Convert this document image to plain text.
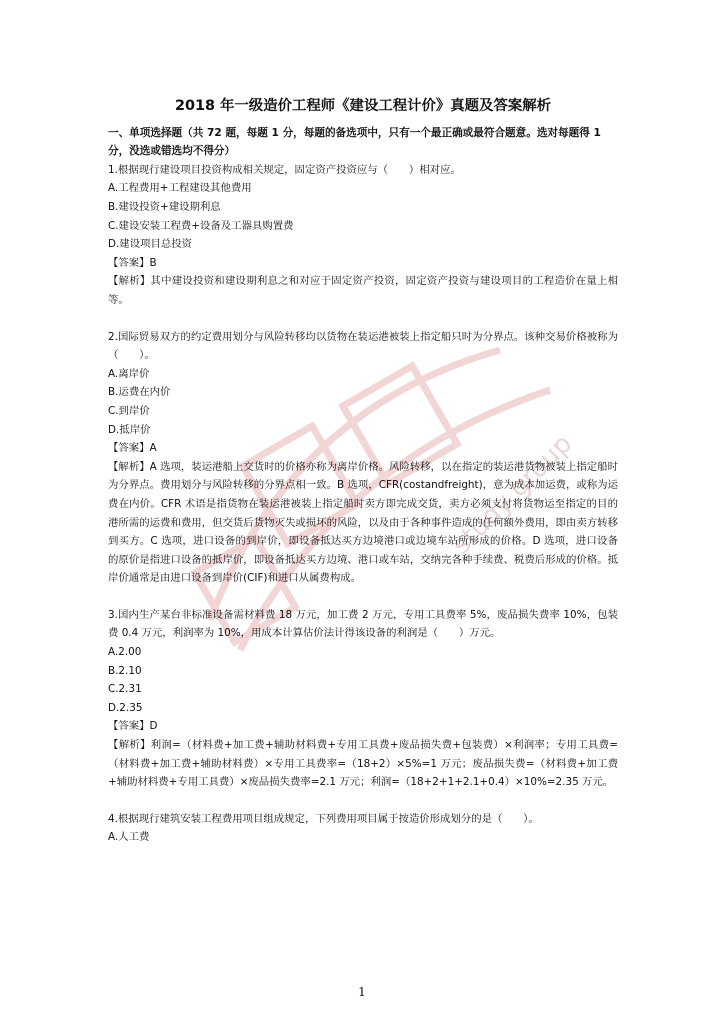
study group
2018 年一级造价工程师《建设工程计价》真题及答案解析
一、单项选择题（共 72 题，每题 1 分，每题的备选项中，只有一个最正确或最符合题意。选对每题得 1 分，没选或错选均不得分）
1.根据现行建设项目投资构成相关规定，固定资产投资应与（　　）相对应。
A.工程费用+工程建设其他费用
B.建设投资+建设期利息
C.建设安装工程费+设备及工器具购置费
D.建设项目总投资
【答案】B
【解析】其中建设投资和建设期利息之和对应于固定资产投资，固定资产投资与建设项目的工程造价在量上相等。
2.国际贸易双方的约定费用划分与风险转移均以货物在装运港被装上指定船只时为分界点。该种交易价格被称为（　　）。
A.离岸价
B.运费在内价
C.到岸价
D.抵岸价
【答案】A
【解析】A 选项，装运港船上交货时的价格亦称为离岸价格。风险转移，以在指定的装运港货物被装上指定船时为分界点。费用划分与风险转移的分界点相一致。B 选项，CFR(costandfreight)，意为成本加运费，或称为运费在内价。CFR 术语是指货物在装运港被装上指定船时卖方即完成交货，卖方必须支付将货物运至指定的目的港所需的运费和费用，但交货后货物灭失或损坏的风险，以及由于各种事件造成的任何额外费用，即由卖方转移到买方。C 选项，进口设备的到岸价，即设备抵达买方边境港口或边境车站所形成的价格。D 选项，进口设备的原价是指进口设备的抵岸价，即设备抵达买方边境、港口或车站，交纳完各种手续费、税费后形成的价格。抵岸价通常是由进口设备到岸价(CIF)和进口从属费构成。
3.国内生产某台非标准设备需材料费 18 万元，加工费 2 万元，专用工具费率 5%，废品损失费率 10%，包装费 0.4 万元，利润率为 10%，用成本计算估价法计得该设备的利润是（　　）万元。
A.2.00
B.2.10
C.2.31
D.2.35
【答案】D
【解析】利润=（材料费+加工费+辅助材料费+专用工具费+废品损失费+包装费）×利润率；专用工具费=（材料费+加工费+辅助材料费）×专用工具费率=（18+2）×5%=1 万元；废品损失费=（材料费+加工费+辅助材料费+专用工具费）×废品损失费率=2.1 万元；利润=（18+2+1+2.1+0.4）×10%=2.35 万元。
4.根据现行建筑安装工程费用项目组成规定，下列费用项目属于按造价形成划分的是（　　）。
A.人工费
1
